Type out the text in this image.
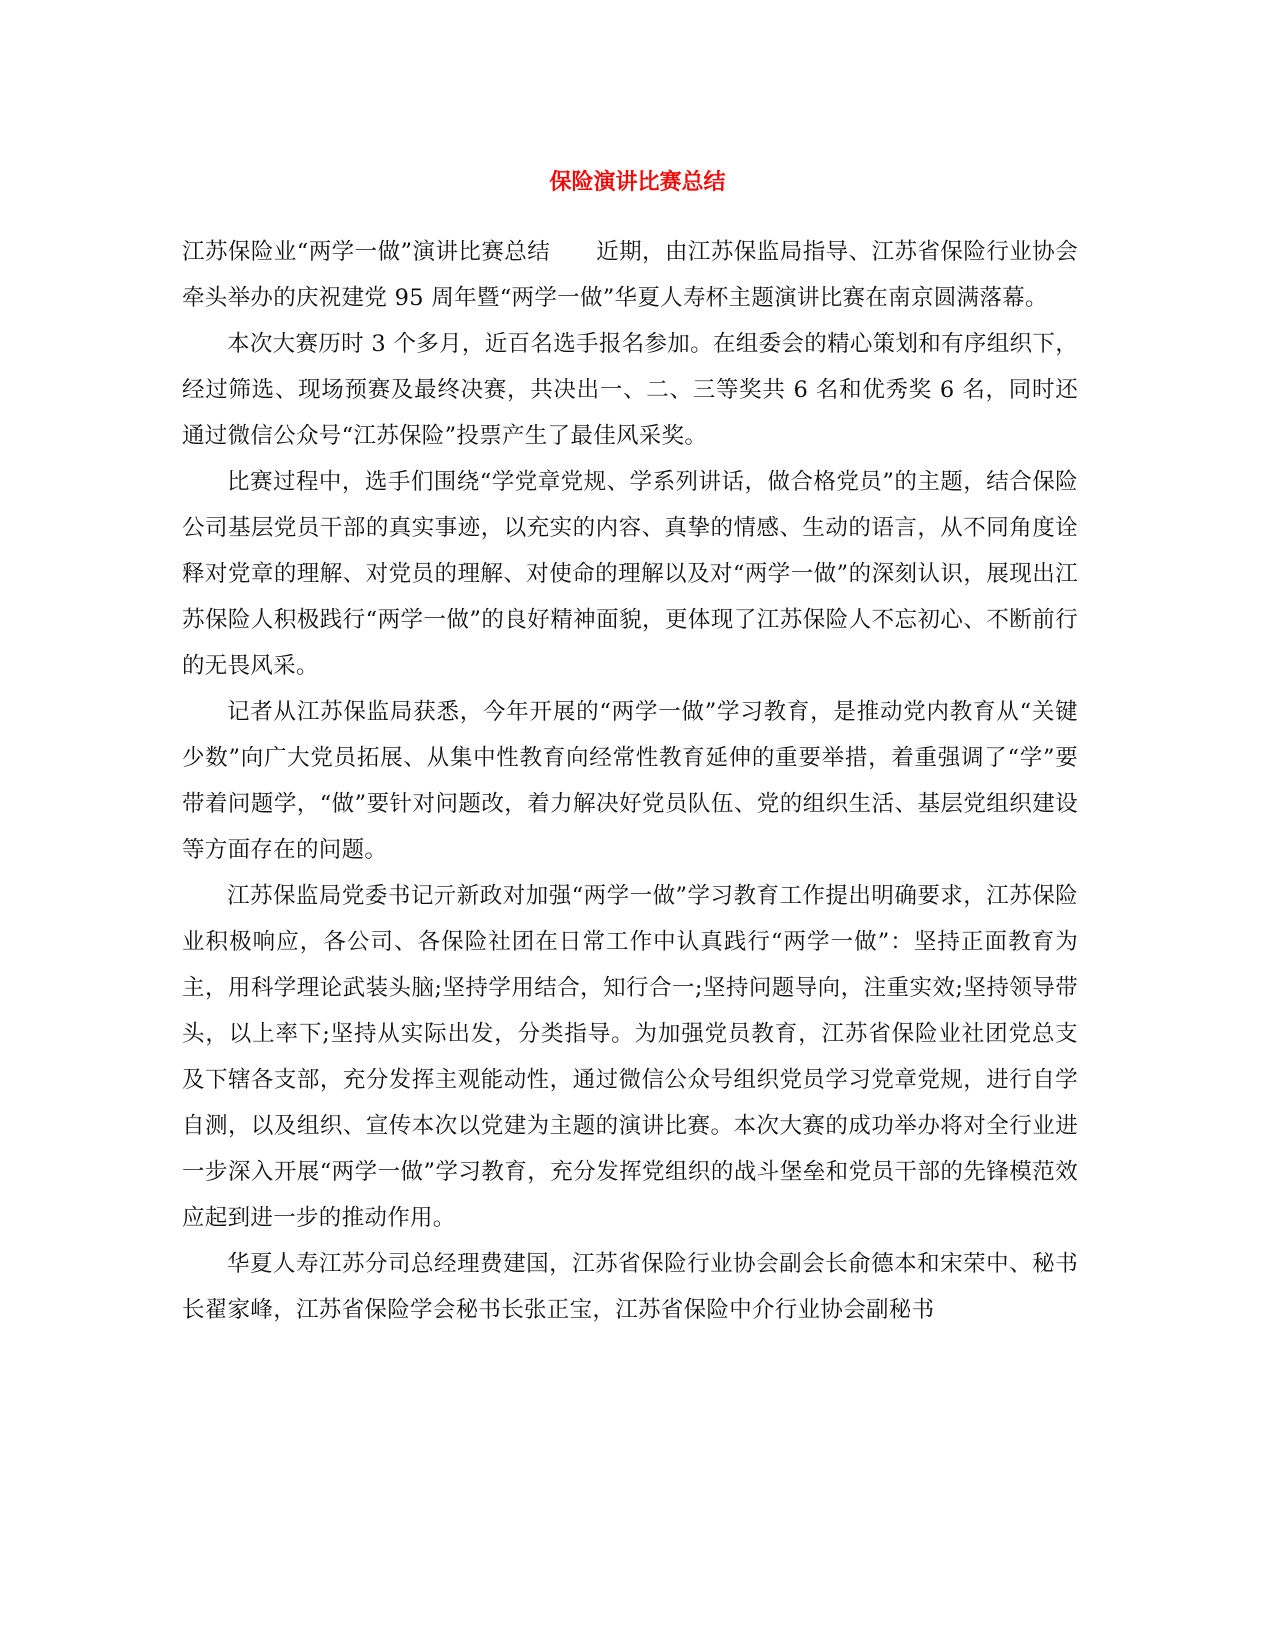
保险演讲比赛总结

江苏保险业“两学一做”演讲比赛总结　　近期，由江苏保监局指导、江苏省保险行业协会牵头举办的庆祝建党 95 周年暨“两学一做”华夏人寿杯主题演讲比赛在南京圆满落幕。

本次大赛历时 3 个多月，近百名选手报名参加。在组委会的精心策划和有序组织下，经过筛选、现场预赛及最终决赛，共决出一、二、三等奖共 6 名和优秀奖 6 名，同时还通过微信公众号“江苏保险”投票产生了最佳风采奖。

比赛过程中，选手们围绕“学党章党规、学系列讲话，做合格党员”的主题，结合保险公司基层党员干部的真实事迹，以充实的内容、真挚的情感、生动的语言，从不同角度诠释对党章的理解、对党员的理解、对使命的理解以及对“两学一做”的深刻认识，展现出江苏保险人积极践行“两学一做”的良好精神面貌，更体现了江苏保险人不忘初心、不断前行的无畏风采。

记者从江苏保监局获悉，今年开展的“两学一做”学习教育，是推动党内教育从“关键少数”向广大党员拓展、从集中性教育向经常性教育延伸的重要举措，着重强调了“学”要带着问题学，“做”要针对问题改，着力解决好党员队伍、党的组织生活、基层党组织建设等方面存在的问题。

江苏保监局党委书记亓新政对加强“两学一做”学习教育工作提出明确要求，江苏保险业积极响应，各公司、各保险社团在日常工作中认真践行“两学一做”：坚持正面教育为主，用科学理论武装头脑;坚持学用结合，知行合一;坚持问题导向，注重实效;坚持领导带头，以上率下;坚持从实际出发，分类指导。为加强党员教育，江苏省保险业社团党总支及下辖各支部，充分发挥主观能动性，通过微信公众号组织党员学习党章党规，进行自学自测，以及组织、宣传本次以党建为主题的演讲比赛。本次大赛的成功举办将对全行业进一步深入开展“两学一做”学习教育，充分发挥党组织的战斗堡垒和党员干部的先锋模范效应起到进一步的推动作用。

华夏人寿江苏分司总经理费建国，江苏省保险行业协会副会长俞德本和宋荣中、秘书长翟家峰，江苏省保险学会秘书长张正宝，江苏省保险中介行业协会副秘书
